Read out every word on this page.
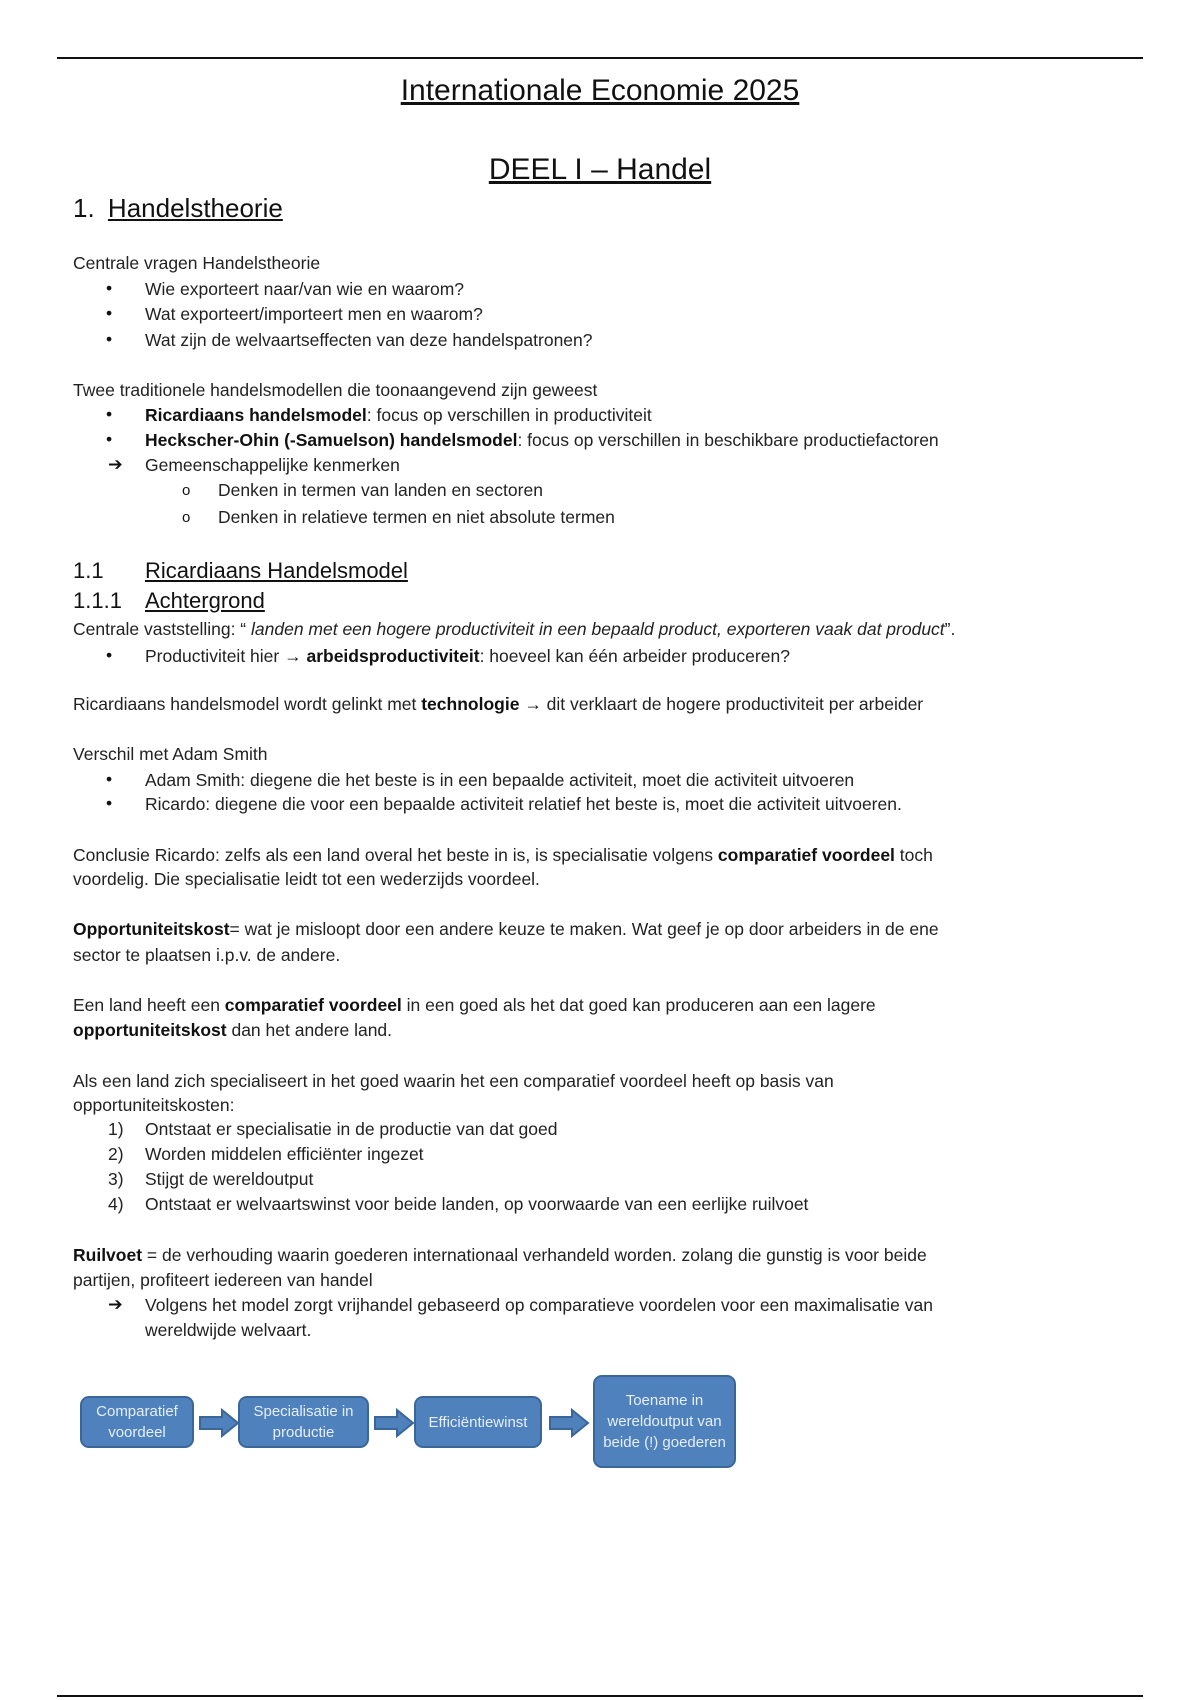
Internationale Economie 2025
DEEL I – Handel
1. Handelstheorie
Centrale vragen Handelstheorie
• Wie exporteert naar/van wie en waarom?
• Wat exporteert/importeert men en waarom?
• Wat zijn de welvaartseffecten van deze handelspatronen?
Twee traditionele handelsmodellen die toonaangevend zijn geweest
• Ricardiaans handelsmodel: focus op verschillen in productiviteit
• Heckscher-Ohin (-Samuelson) handelsmodel: focus op verschillen in beschikbare productiefactoren
➔ Gemeenschappelijke kenmerken
o Denken in termen van landen en sectoren
o Denken in relatieve termen en niet absolute termen
1.1 Ricardiaans Handelsmodel
1.1.1 Achtergrond
Centrale vaststelling: “ landen met een hogere productiviteit in een bepaald product, exporteren vaak dat product”.
• Productiviteit hier → arbeidsproductiviteit: hoeveel kan één arbeider produceren?
Ricardiaans handelsmodel wordt gelinkt met technologie → dit verklaart de hogere productiviteit per arbeider
Verschil met Adam Smith
• Adam Smith: diegene die het beste is in een bepaalde activiteit, moet die activiteit uitvoeren
• Ricardo: diegene die voor een bepaalde activiteit relatief het beste is, moet die activiteit uitvoeren.
Conclusie Ricardo: zelfs als een land overal het beste in is, is specialisatie volgens comparatief voordeel toch
voordelig. Die specialisatie leidt tot een wederzijds voordeel.
Opportuniteitskost= wat je misloopt door een andere keuze te maken. Wat geef je op door arbeiders in de ene
sector te plaatsen i.p.v. de andere.
Een land heeft een comparatief voordeel in een goed als het dat goed kan produceren aan een lagere
opportuniteitskost dan het andere land.
Als een land zich specialiseert in het goed waarin het een comparatief voordeel heeft op basis van
opportuniteitskosten:
1) Ontstaat er specialisatie in de productie van dat goed
2) Worden middelen efficiënter ingezet
3) Stijgt de wereldoutput
4) Ontstaat er welvaartswinst voor beide landen, op voorwaarde van een eerlijke ruilvoet
Ruilvoet = de verhouding waarin goederen internationaal verhandeld worden. zolang die gunstig is voor beide
partijen, profiteert iedereen van handel
➔ Volgens het model zorgt vrijhandel gebaseerd op comparatieve voordelen voor een maximalisatie van
wereldwijde welvaart.
Comparatief voordeel
Specialisatie in productie
Efficiëntiewinst
Toename in wereldoutput van beide (!) goederen
